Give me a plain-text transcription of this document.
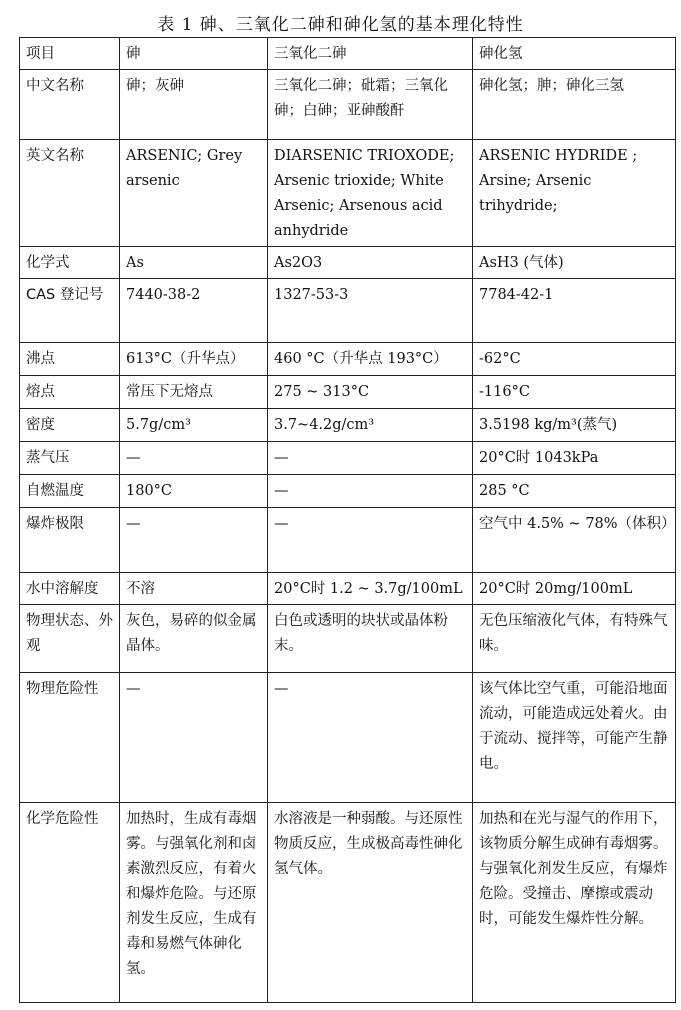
表 1 砷、三氧化二砷和砷化氢的基本理化特性
项目	砷	三氧化二砷	砷化氢
中文名称	砷；灰砷	三氧化二砷；砒霜；三氧化砷；白砷；亚砷酸酐	砷化氢；胂；砷化三氢
英文名称	ARSENIC; Grey arsenic	DIARSENIC TRIOXODE; Arsenic trioxide; White Arsenic; Arsenous acid anhydride	ARSENIC HYDRIDE ; Arsine; Arsenic trihydride;
化学式	As	As2O3	AsH3 (气体)
CAS 登记号	7440-38-2	1327-53-3	7784-42-1
沸点	613°C（升华点）	460 °C（升华点 193°C）	-62°C
熔点	常压下无熔点	275 ~ 313°C	-116°C
密度	5.7g/cm³	3.7~4.2g/cm³	3.5198 kg/m³(蒸气)
蒸气压	—	—	20°C时 1043kPa
自燃温度	180°C	—	285 °C
爆炸极限	—	—	空气中 4.5% ~ 78%（体积）
水中溶解度	不溶	20°C时 1.2 ~ 3.7g/100mL	20°C时 20mg/100mL
物理状态、外观	灰色，易碎的似金属晶体。	白色或透明的块状或晶体粉末。	无色压缩液化气体，有特殊气味。
物理危险性	—	—	该气体比空气重，可能沿地面流动，可能造成远处着火。由于流动、搅拌等，可能产生静电。
化学危险性	加热时，生成有毒烟雾。与强氧化剂和卤素激烈反应，有着火和爆炸危险。与还原剂发生反应，生成有毒和易燃气体砷化氢。	水溶液是一种弱酸。与还原性物质反应，生成极高毒性砷化氢气体。	加热和在光与湿气的作用下，该物质分解生成砷有毒烟雾。与强氧化剂发生反应，有爆炸危险。受撞击、摩擦或震动时，可能发生爆炸性分解。
